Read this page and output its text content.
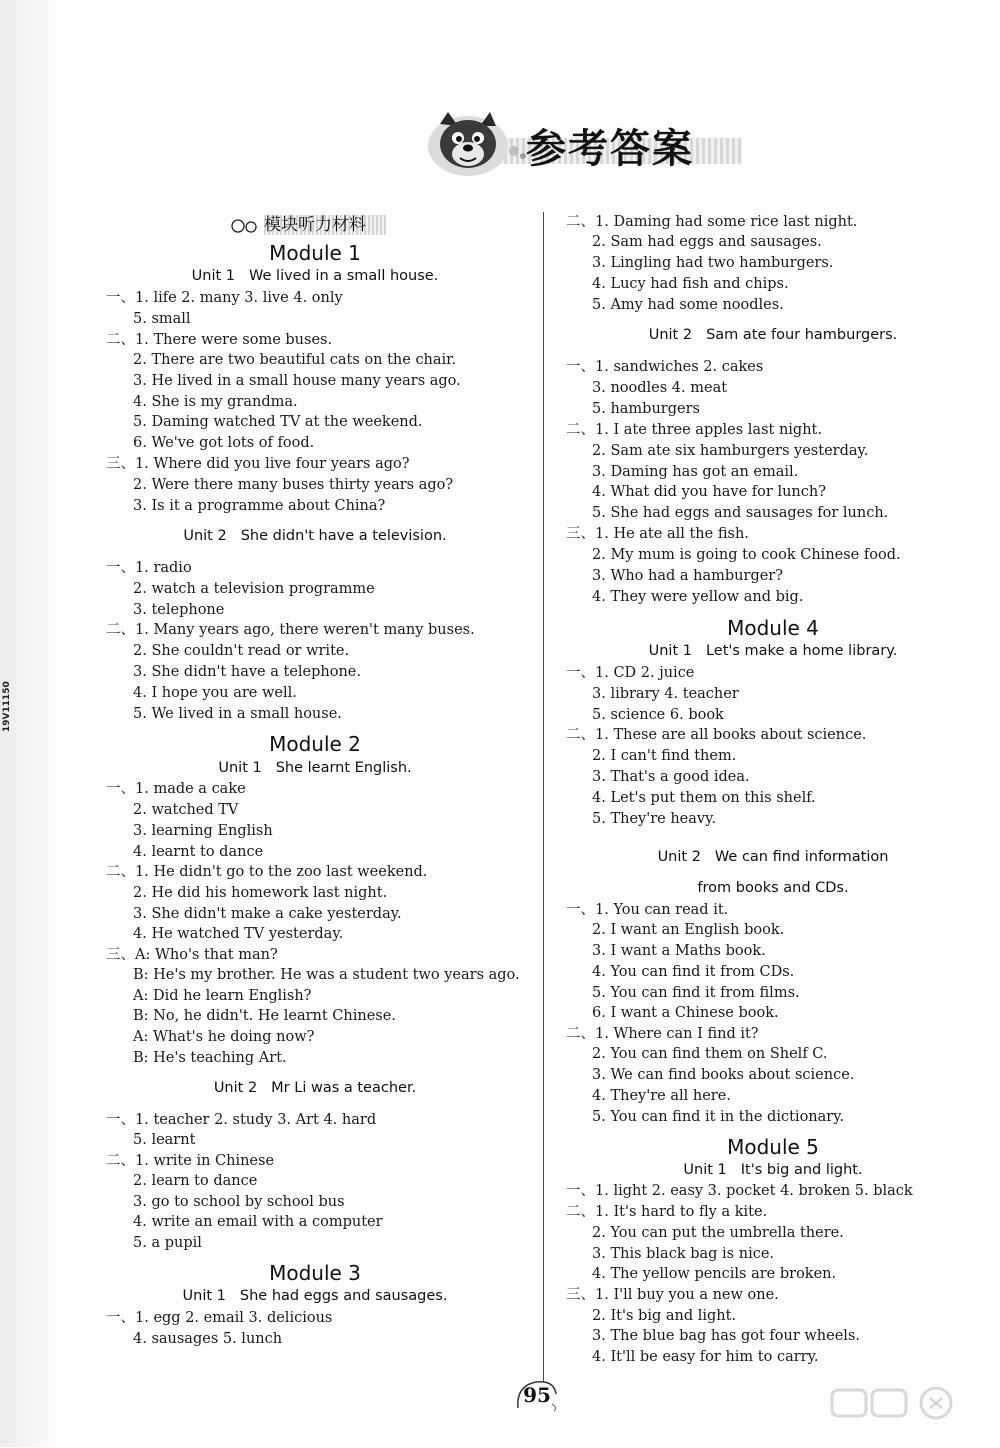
19V11150
参考答案
模块听力材料
Module 1
Unit 1 We lived in a small house.
一、1. life 2. many 3. live 4. only
5. small
二、1. There were some buses.
2. There are two beautiful cats on the chair.
3. He lived in a small house many years ago.
4. She is my grandma.
5. Daming watched TV at the weekend.
6. We've got lots of food.
三、1. Where did you live four years ago?
2. Were there many buses thirty years ago?
3. Is it a programme about China?
Unit 2 She didn't have a television.
一、1. radio
2. watch a television programme
3. telephone
二、1. Many years ago, there weren't many buses.
2. She couldn't read or write.
3. She didn't have a telephone.
4. I hope you are well.
5. We lived in a small house.
Module 2
Unit 1 She learnt English.
一、1. made a cake
2. watched TV
3. learning English
4. learnt to dance
二、1. He didn't go to the zoo last weekend.
2. He did his homework last night.
3. She didn't make a cake yesterday.
4. He watched TV yesterday.
三、A: Who's that man?
B: He's my brother. He was a student two years ago.
A: Did he learn English?
B: No, he didn't. He learnt Chinese.
A: What's he doing now?
B: He's teaching Art.
Unit 2 Mr Li was a teacher.
一、1. teacher 2. study 3. Art 4. hard
5. learnt
二、1. write in Chinese
2. learn to dance
3. go to school by school bus
4. write an email with a computer
5. a pupil
Module 3
Unit 1 She had eggs and sausages.
一、1. egg 2. email 3. delicious
4. sausages 5. lunch
二、1. Daming had some rice last night.
2. Sam had eggs and sausages.
3. Lingling had two hamburgers.
4. Lucy had fish and chips.
5. Amy had some noodles.
Unit 2 Sam ate four hamburgers.
一、1. sandwiches 2. cakes
3. noodles 4. meat
5. hamburgers
二、1. I ate three apples last night.
2. Sam ate six hamburgers yesterday.
3. Daming has got an email.
4. What did you have for lunch?
5. She had eggs and sausages for lunch.
三、1. He ate all the fish.
2. My mum is going to cook Chinese food.
3. Who had a hamburger?
4. They were yellow and big.
Module 4
Unit 1 Let's make a home library.
一、1. CD 2. juice
3. library 4. teacher
5. science 6. book
二、1. These are all books about science.
2. I can't find them.
3. That's a good idea.
4. Let's put them on this shelf.
5. They're heavy.
Unit 2 We can find information
from books and CDs.
一、1. You can read it.
2. I want an English book.
3. I want a Maths book.
4. You can find it from CDs.
5. You can find it from films.
6. I want a Chinese book.
二、1. Where can I find it?
2. You can find them on Shelf C.
3. We can find books about science.
4. They're all here.
5. You can find it in the dictionary.
Module 5
Unit 1 It's big and light.
一、1. light 2. easy 3. pocket 4. broken 5. black
二、1. It's hard to fly a kite.
2. You can put the umbrella there.
3. This black bag is nice.
4. The yellow pencils are broken.
三、1. I'll buy you a new one.
2. It's big and light.
3. The blue bag has got four wheels.
4. It'll be easy for him to carry.
95
